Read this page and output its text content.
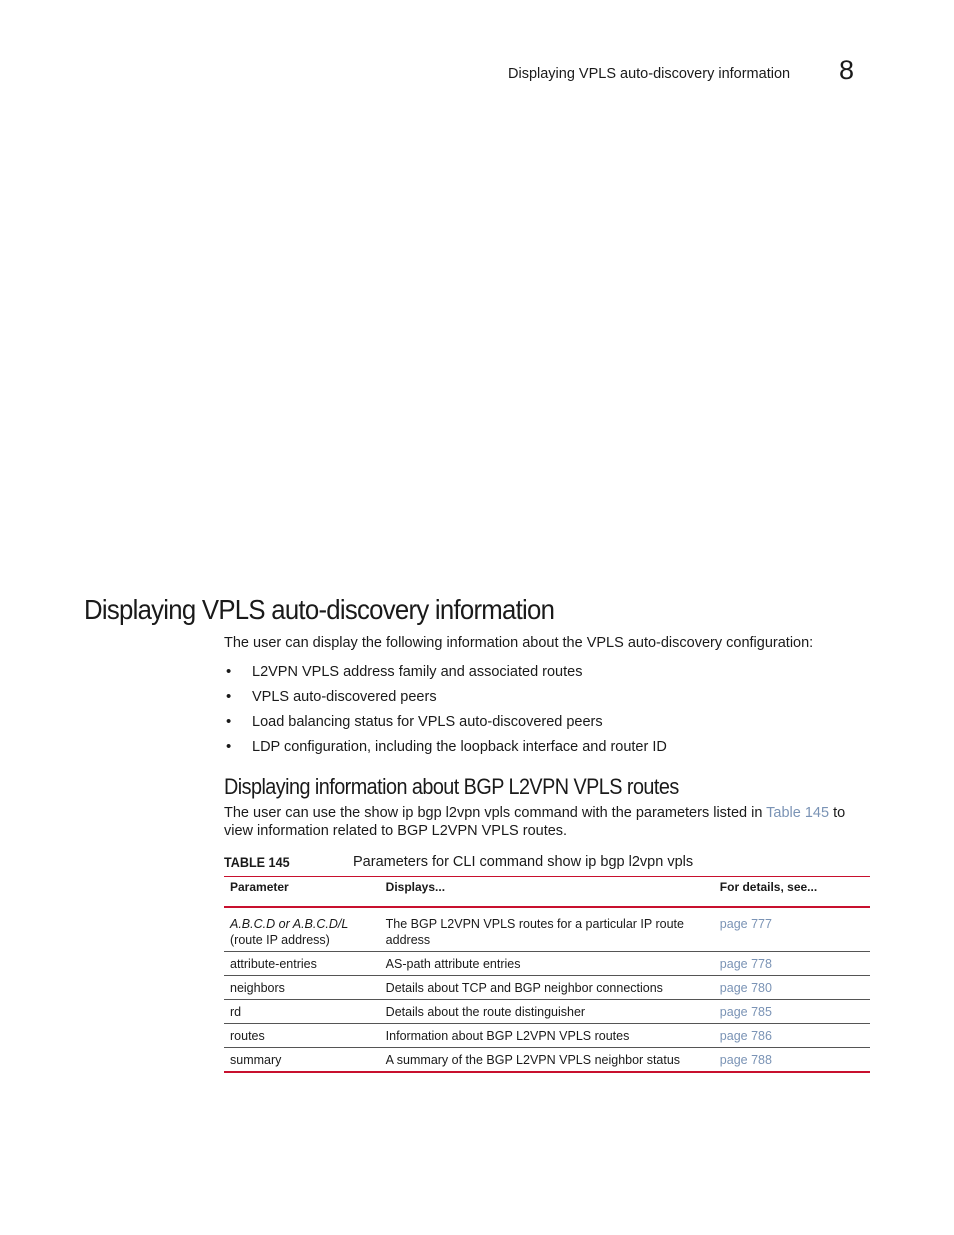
Displaying VPLS auto-discovery information 8
Displaying VPLS auto-discovery information

The user can display the following information about the VPLS auto-discovery configuration:

• L2VPN VPLS address family and associated routes
• VPLS auto-discovered peers
• Load balancing status for VPLS auto-discovered peers
• LDP configuration, including the loopback interface and router ID
Displaying information about BGP L2VPN VPLS routes

The user can use the show ip bgp l2vpn vpls command with the parameters listed in Table 145 to view information related to BGP L2VPN VPLS routes.

TABLE 145	Parameters for CLI command show ip bgp l2vpn vpls
Parameter	Displays...	For details, see...
A.B.C.D or A.B.C.D/L
(route IP address)	The BGP L2VPN VPLS routes for a particular IP route address	page 777
attribute-entries	AS-path attribute entries	page 778
neighbors	Details about TCP and BGP neighbor connections	page 780
rd	Details about the route distinguisher	page 785
routes	Information about BGP L2VPN VPLS routes	page 786
summary	A summary of the BGP L2VPN VPLS neighbor status	page 788
